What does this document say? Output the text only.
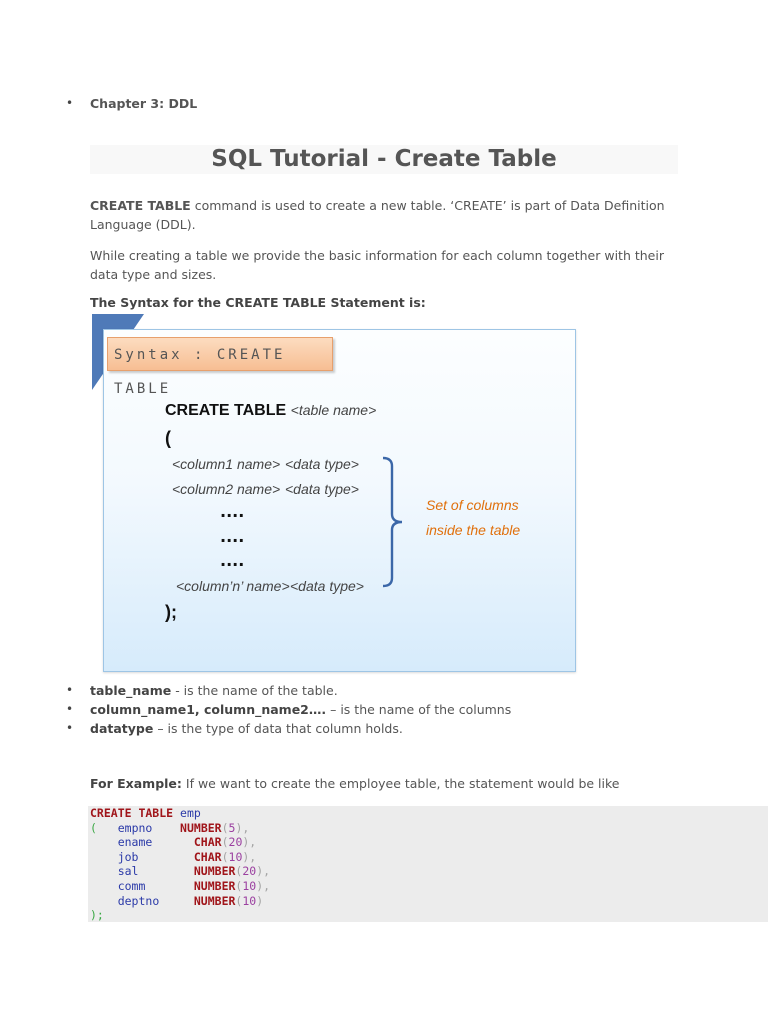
• Chapter 3: DDL
SQL Tutorial - Create Table
CREATE TABLE command is used to create a new table. ‘CREATE’ is part of Data Definition Language (DDL).
While creating a table we provide the basic information for each column together with their data type and sizes.
The Syntax for the CREATE TABLE Statement is:
Syntax : CREATE TABLE
CREATE TABLE <table name>
(
<column1 name> <data type>
<column2 name> <data type>
....
....
....
<column’n’ name> <data type>
);
Set of columns
inside the table
• table_name - is the name of the table.
• column_name1, column_name2…. – is the name of the columns
• datatype – is the type of data that column holds.
For Example: If we want to create the employee table, the statement would be like
CREATE TABLE emp
( empno NUMBER(5),
ename	CHAR(20),
job	CHAR(10),
sal	NUMBER(20),
comm	NUMBER(10),
deptno	NUMBER(10)
);
